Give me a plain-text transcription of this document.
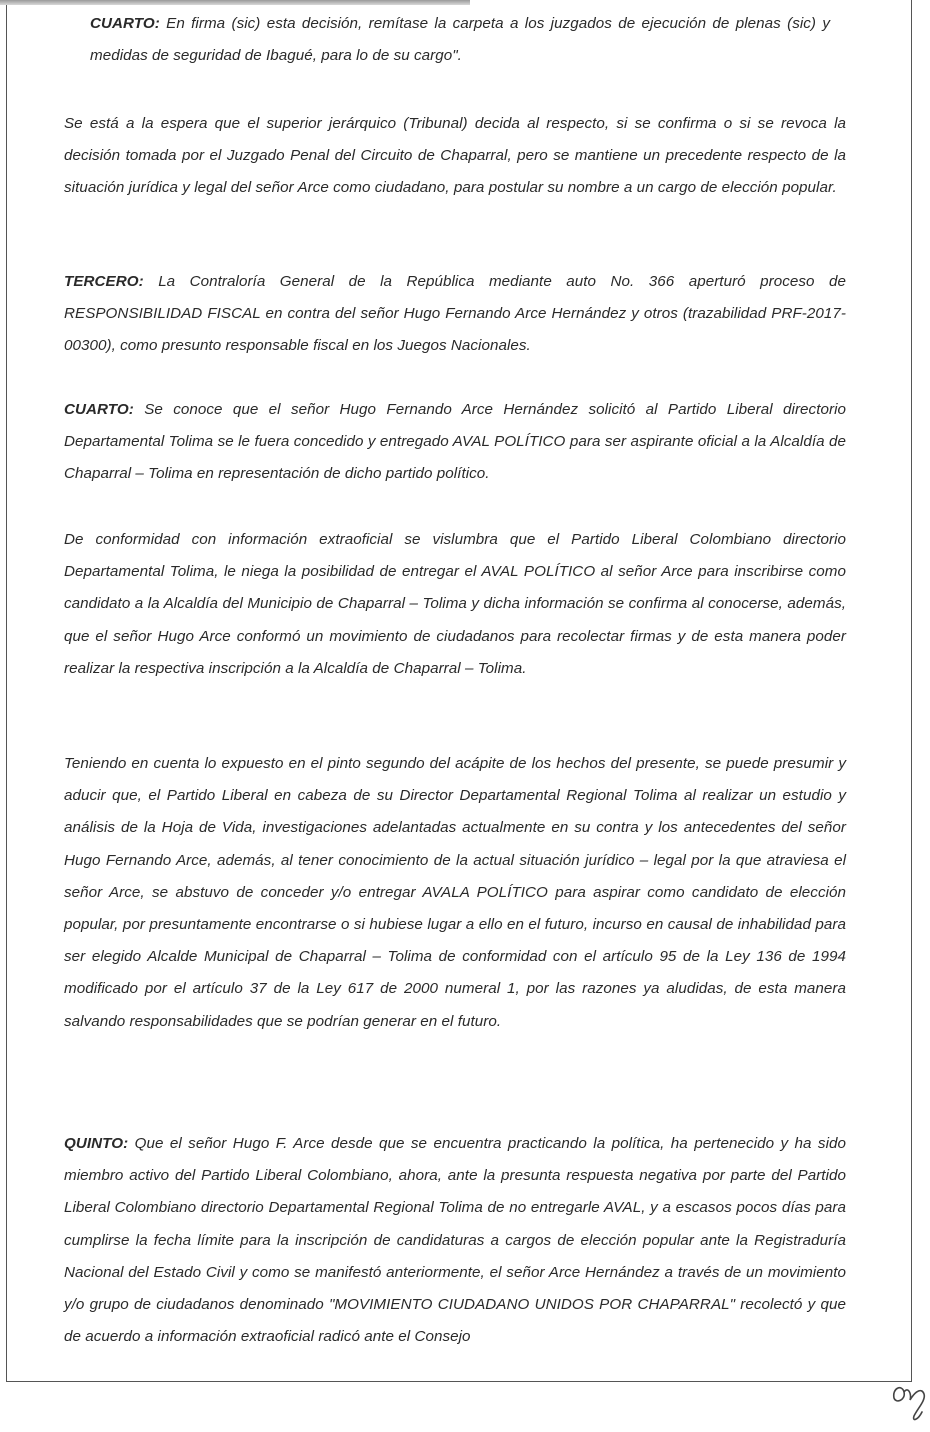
CUARTO: En firma (sic) esta decisión, remítase la carpeta a los juzgados de ejecución de plenas (sic) y medidas de seguridad de Ibagué, para lo de su cargo".

Se está a la espera que el superior jerárquico (Tribunal) decida al respecto, si se confirma o si se revoca la decisión tomada por el Juzgado Penal del Circuito de Chaparral, pero se mantiene un precedente respecto de la situación jurídica y legal del señor Arce como ciudadano, para postular su nombre a un cargo de elección popular.

TERCERO: La Contraloría General de la República mediante auto No. 366 aperturó proceso de RESPONSIBILIDAD FISCAL en contra del señor Hugo Fernando Arce Hernández y otros (trazabilidad PRF-2017-00300), como presunto responsable fiscal en los Juegos Nacionales.

CUARTO: Se conoce que el señor Hugo Fernando Arce Hernández solicitó al Partido Liberal directorio Departamental Tolima se le fuera concedido y entregado AVAL POLÍTICO para ser aspirante oficial a la Alcaldía de Chaparral – Tolima en representación de dicho partido político.

De conformidad con información extraoficial se vislumbra que el Partido Liberal Colombiano directorio Departamental Tolima, le niega la posibilidad de entregar el AVAL POLÍTICO al señor Arce para inscribirse como candidato a la Alcaldía del Municipio de Chaparral – Tolima y dicha información se confirma al conocerse, además, que el señor Hugo Arce conformó un movimiento de ciudadanos para recolectar firmas y de esta manera poder realizar la respectiva inscripción a la Alcaldía de Chaparral – Tolima.

Teniendo en cuenta lo expuesto en el pinto segundo del acápite de los hechos del presente, se puede presumir y aducir que, el Partido Liberal en cabeza de su Director Departamental Regional Tolima al realizar un estudio y análisis de la Hoja de Vida, investigaciones adelantadas actualmente en su contra y los antecedentes del señor Hugo Fernando Arce, además, al tener conocimiento de la actual situación jurídico – legal por la que atraviesa el señor Arce, se abstuvo de conceder y/o entregar AVALA POLÍTICO para aspirar como candidato de elección popular, por presuntamente encontrarse o si hubiese lugar a ello en el futuro, incurso en causal de inhabilidad para ser elegido Alcalde Municipal de Chaparral – Tolima de conformidad con el artículo 95 de la Ley 136 de 1994 modificado por el artículo 37 de la Ley 617 de 2000 numeral 1, por las razones ya aludidas, de esta manera salvando responsabilidades que se podrían generar en el futuro.

QUINTO: Que el señor Hugo F. Arce desde que se encuentra practicando la política, ha pertenecido y ha sido miembro activo del Partido Liberal Colombiano, ahora, ante la presunta respuesta negativa por parte del Partido Liberal Colombiano directorio Departamental Regional Tolima de no entregarle AVAL, y a escasos pocos días para cumplirse la fecha límite para la inscripción de candidaturas a cargos de elección popular ante la Registraduría Nacional del Estado Civil y como se manifestó anteriormente, el señor Arce Hernández a través de un movimiento y/o grupo de ciudadanos denominado "MOVIMIENTO CIUDADANO UNIDOS POR CHAPARRAL" recolectó y que de acuerdo a información extraoficial radicó ante el Consejo
